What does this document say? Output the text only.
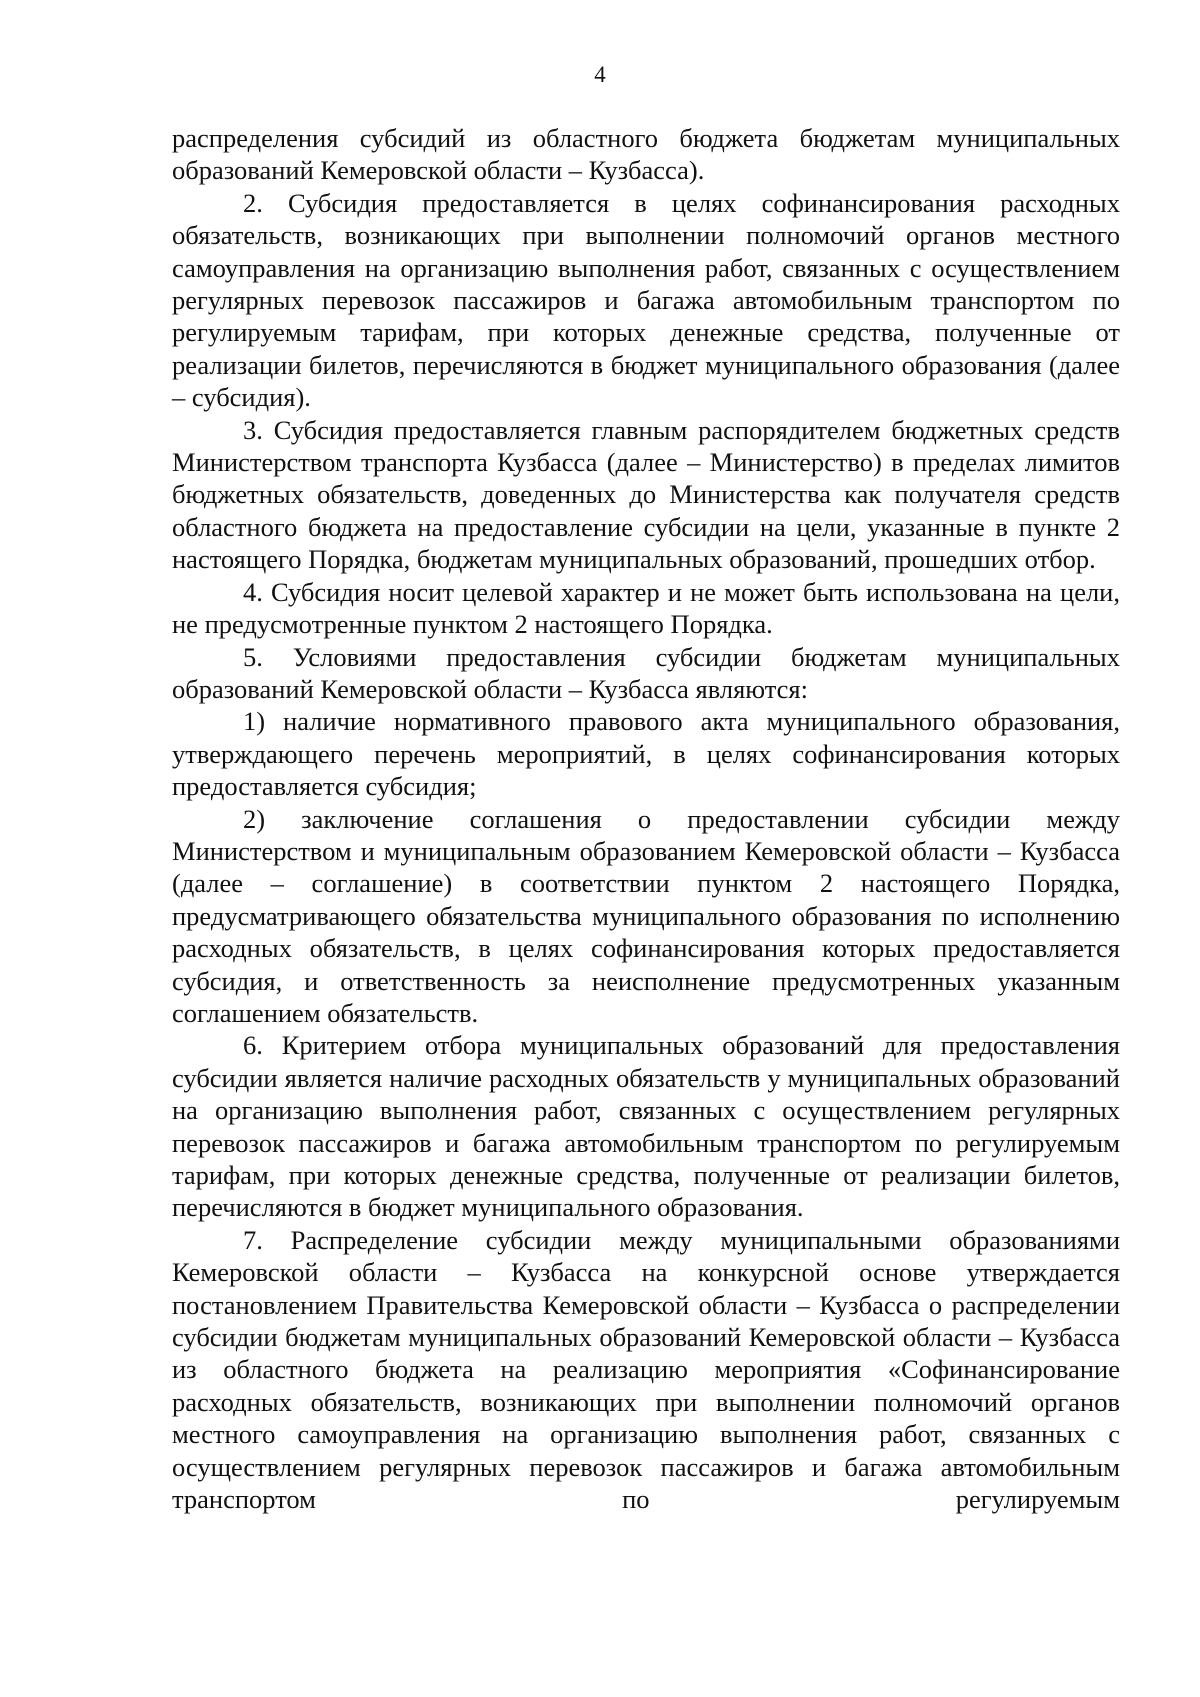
4

распределения субсидий из областного бюджета бюджетам муниципальных образований Кемеровской области – Кузбасса).

2. Субсидия предоставляется в целях софинансирования расходных обязательств, возникающих при выполнении полномочий органов местного самоуправления на организацию выполнения работ, связанных с осуществлением регулярных перевозок пассажиров и багажа автомобильным транспортом по регулируемым тарифам, при которых денежные средства, полученные от реализации билетов, перечисляются в бюджет муниципального образования (далее – субсидия).

3. Субсидия предоставляется главным распорядителем бюджетных средств Министерством транспорта Кузбасса (далее – Министерство) в пределах лимитов бюджетных обязательств, доведенных до Министерства как получателя средств областного бюджета на предоставление субсидии на цели, указанные в пункте 2 настоящего Порядка, бюджетам муниципальных образований, прошедших отбор.

4. Субсидия носит целевой характер и не может быть использована на цели, не предусмотренные пунктом 2 настоящего Порядка.

5. Условиями предоставления субсидии бюджетам муниципальных образований Кемеровской области – Кузбасса являются:

1) наличие нормативного правового акта муниципального образования, утверждающего перечень мероприятий, в целях софинансирования которых предоставляется субсидия;

2) заключение соглашения о предоставлении субсидии между Министерством и муниципальным образованием Кемеровской области – Кузбасса (далее – соглашение) в соответствии пунктом 2 настоящего Порядка, предусматривающего обязательства муниципального образования по исполнению расходных обязательств, в целях софинансирования которых предоставляется субсидия, и ответственность за неисполнение предусмотренных указанным соглашением обязательств.

6. Критерием отбора муниципальных образований для предоставления субсидии является наличие расходных обязательств у муниципальных образований на организацию выполнения работ, связанных с осуществлением регулярных перевозок пассажиров и багажа автомобильным транспортом по регулируемым тарифам, при которых денежные средства, полученные от реализации билетов, перечисляются в бюджет муниципального образования.

7. Распределение субсидии между муниципальными образованиями Кемеровской области – Кузбасса на конкурсной основе утверждается постановлением Правительства Кемеровской области – Кузбасса о распределении субсидии бюджетам муниципальных образований Кемеровской области – Кузбасса из областного бюджета на реализацию мероприятия «Софинансирование расходных обязательств, возникающих при выполнении полномочий органов местного самоуправления на организацию выполнения работ, связанных с осуществлением регулярных перевозок пассажиров и багажа автомобильным транспортом по регулируемым
